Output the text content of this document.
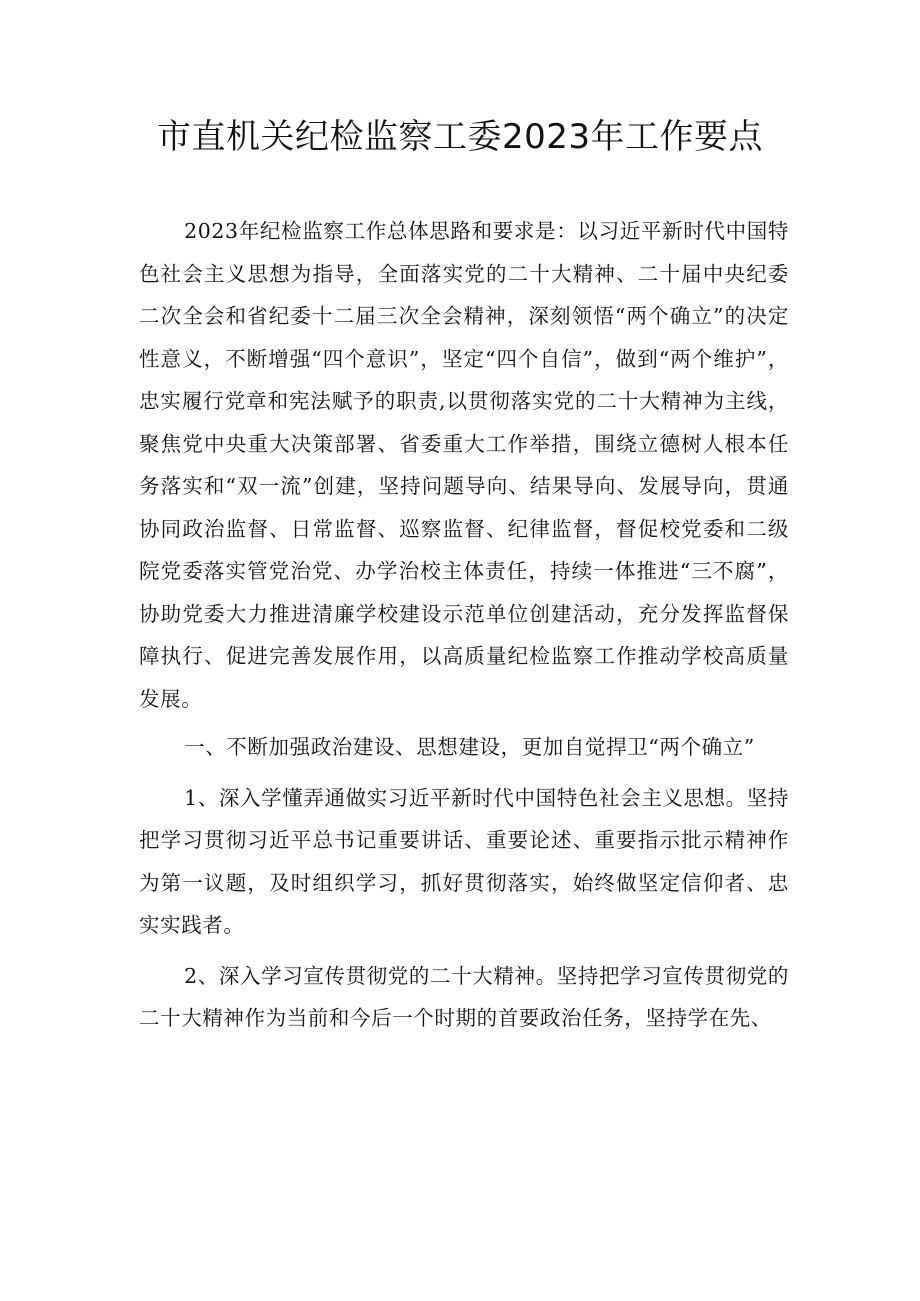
市直机关纪检监察工委2023年工作要点

2023年纪检监察工作总体思路和要求是：以习近平新时代中国特色社会主义思想为指导，全面落实党的二十大精神、二十届中央纪委二次全会和省纪委十二届三次全会精神，深刻领悟“两个确立”的决定性意义，不断增强“四个意识”，坚定“四个自信”，做到“两个维护”，忠实履行党章和宪法赋予的职责,以贯彻落实党的二十大精神为主线，聚焦党中央重大决策部署、省委重大工作举措，围绕立德树人根本任务落实和“双一流”创建，坚持问题导向、结果导向、发展导向，贯通协同政治监督、日常监督、巡察监督、纪律监督，督促校党委和二级院党委落实管党治党、办学治校主体责任，持续一体推进“三不腐”，协助党委大力推进清廉学校建设示范单位创建活动，充分发挥监督保障执行、促进完善发展作用，以高质量纪检监察工作推动学校高质量发展。

一、不断加强政治建设、思想建设，更加自觉捍卫“两个确立”

1、深入学懂弄通做实习近平新时代中国特色社会主义思想。坚持把学习贯彻习近平总书记重要讲话、重要论述、重要指示批示精神作为第一议题，及时组织学习，抓好贯彻落实，始终做坚定信仰者、忠实实践者。

2、深入学习宣传贯彻党的二十大精神。坚持把学习宣传贯彻党的二十大精神作为当前和今后一个时期的首要政治任务，坚持学在先、
